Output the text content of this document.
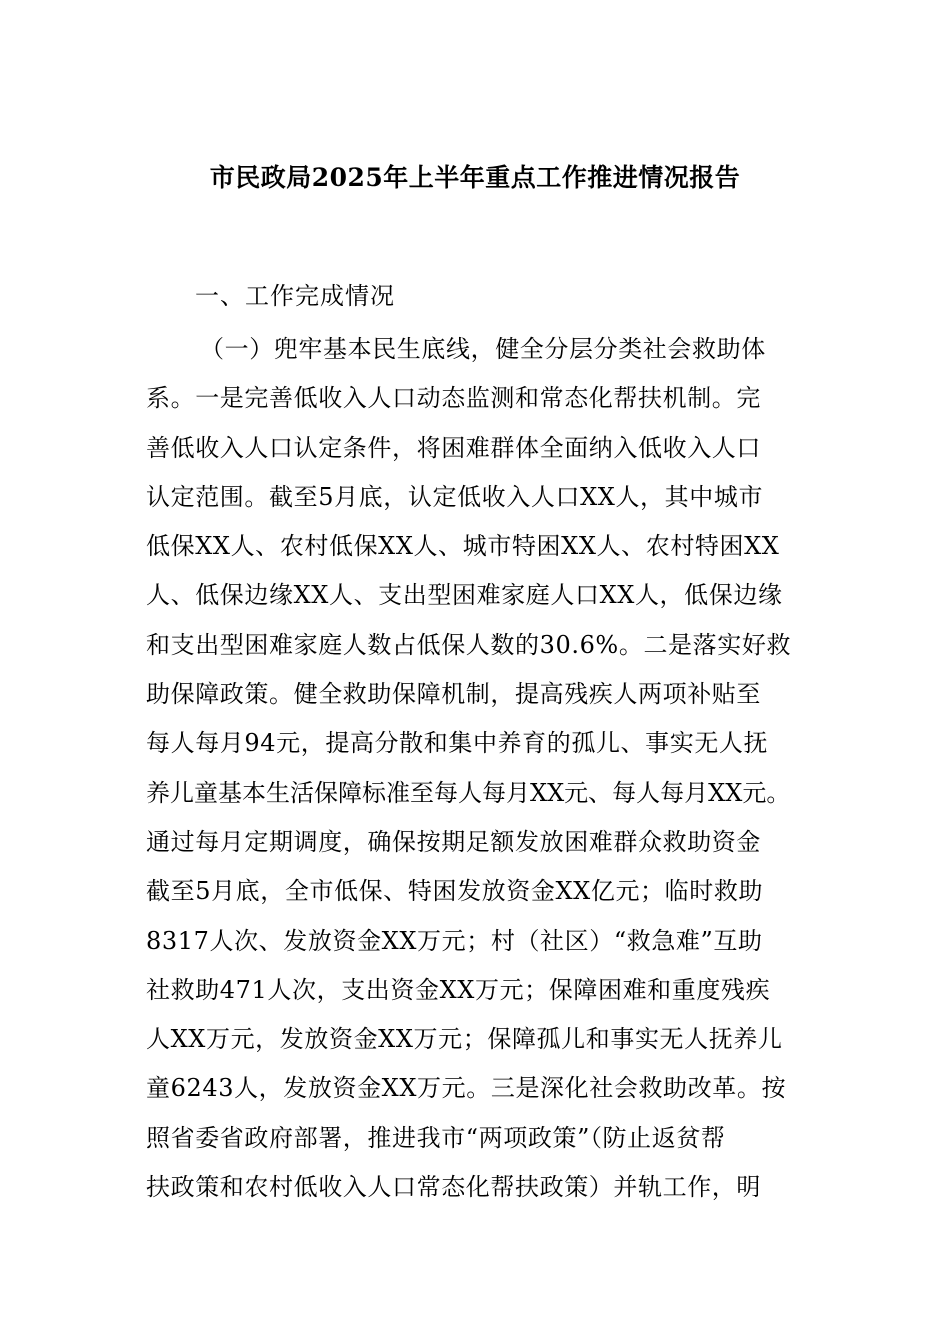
市民政局2025年上半年重点工作推进情况报告
一、工作完成情况
（一）兜牢基本民生底线，健全分层分类社会救助体
系。一是完善低收入人口动态监测和常态化帮扶机制。完
善低收入人口认定条件，将困难群体全面纳入低收入人口
认定范围。截至5月底，认定低收入人口XX人，其中城市
低保XX人、农村低保XX人、城市特困XX人、农村特困XX
人、低保边缘XX人、支出型困难家庭人口XX人，低保边缘
和支出型困难家庭人数占低保人数的30.6%。二是落实好救
助保障政策。健全救助保障机制，提高残疾人两项补贴至
每人每月94元，提高分散和集中养育的孤儿、事实无人抚
养儿童基本生活保障标准至每人每月XX元、每人每月XX元。
通过每月定期调度，确保按期足额发放困难群众救助资金
截至5月底，全市低保、特困发放资金XX亿元；临时救助
8317人次、发放资金XX万元；村（社区）“救急难”互助
社救助471人次，支出资金XX万元；保障困难和重度残疾
人XX万元，发放资金XX万元；保障孤儿和事实无人抚养儿
童6243人，发放资金XX万元。三是深化社会救助改革。按
照省委省政府部署，推进我市“两项政策”（防止返贫帮
扶政策和农村低收入人口常态化帮扶政策）并轨工作，明
